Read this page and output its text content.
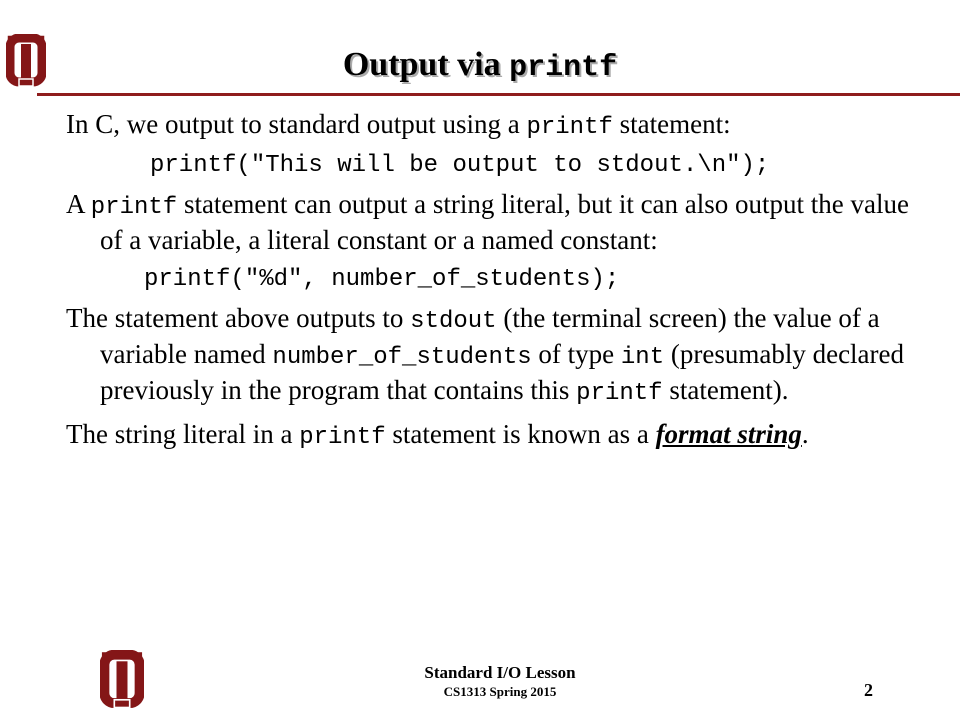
Output via printf

In C, we output to standard output using a printf statement:

printf("This will be output to stdout.\n");

A printf statement can output a string literal, but it can also output the value of a variable, a literal constant or a named constant:

printf("%d", number_of_students);

The statement above outputs to stdout (the terminal screen) the value of a variable named number_of_students of type int (presumably declared previously in the program that contains this printf statement).

The string literal in a printf statement is known as a format string.

Standard I/O Lesson
CS1313 Spring 2015	2
